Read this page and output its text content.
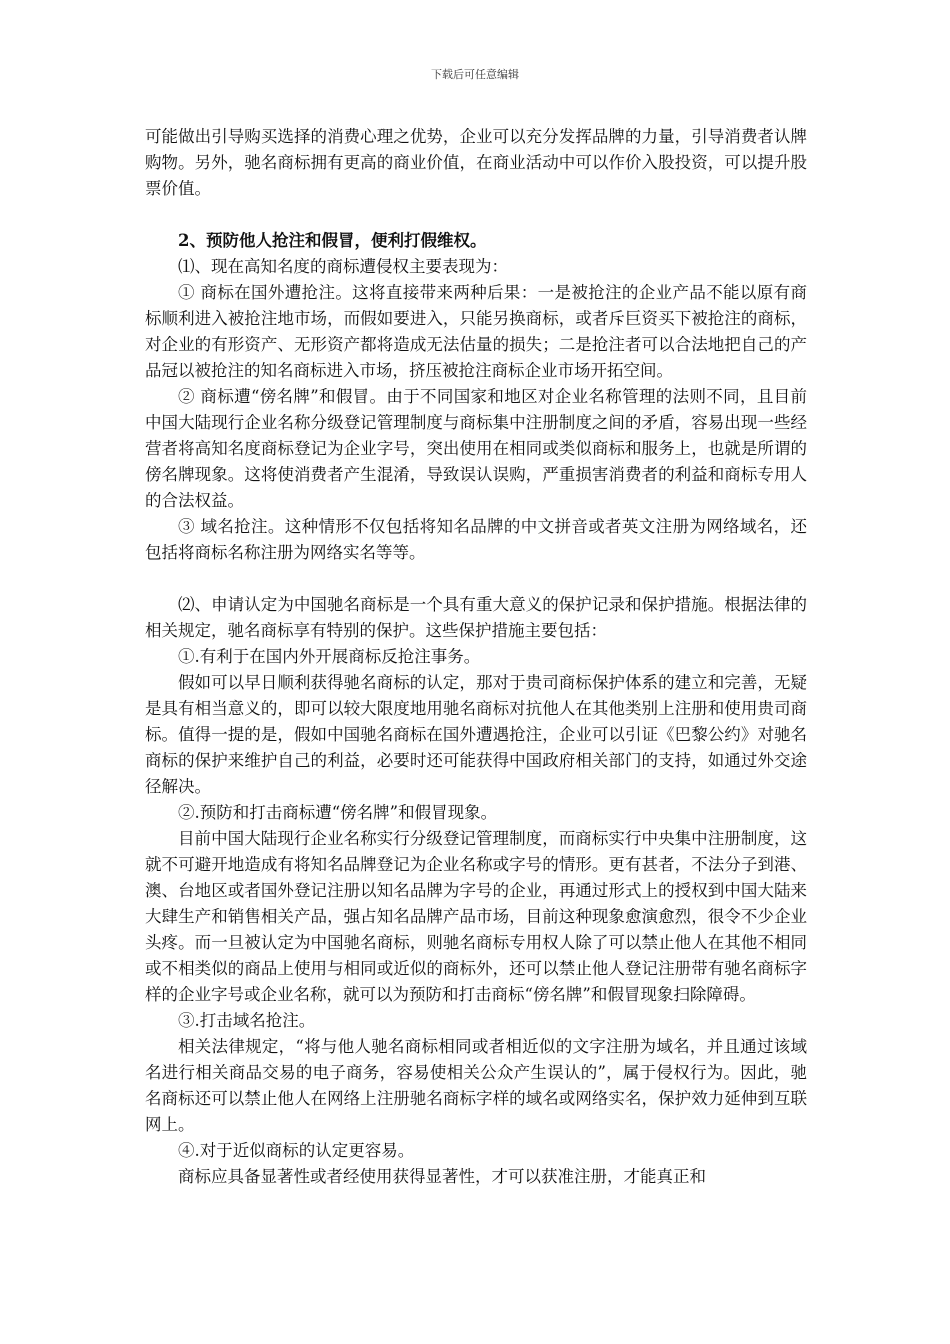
下载后可任意编辑

可能做出引导购买选择的消费心理之优势，企业可以充分发挥品牌的力量，引导消费者认牌购物。另外，驰名商标拥有更高的商业价值，在商业活动中可以作价入股投资，可以提升股票价值。

2、预防他人抢注和假冒，便利打假维权。

⑴、现在高知名度的商标遭侵权主要表现为：

① 商标在国外遭抢注。这将直接带来两种后果：一是被抢注的企业产品不能以原有商标顺利进入被抢注地市场，而假如要进入，只能另换商标，或者斥巨资买下被抢注的商标，对企业的有形资产、无形资产都将造成无法估量的损失；二是抢注者可以合法地把自己的产品冠以被抢注的知名商标进入市场，挤压被抢注商标企业市场开拓空间。

② 商标遭“傍名牌”和假冒。由于不同国家和地区对企业名称管理的法则不同，且目前中国大陆现行企业名称分级登记管理制度与商标集中注册制度之间的矛盾，容易出现一些经营者将高知名度商标登记为企业字号，突出使用在相同或类似商标和服务上，也就是所谓的傍名牌现象。这将使消费者产生混淆，导致误认误购，严重损害消费者的利益和商标专用人的合法权益。

③ 域名抢注。这种情形不仅包括将知名品牌的中文拼音或者英文注册为网络域名，还包括将商标名称注册为网络实名等等。

⑵、申请认定为中国驰名商标是一个具有重大意义的保护记录和保护措施。根据法律的相关规定，驰名商标享有特别的保护。这些保护措施主要包括：

①.有利于在国内外开展商标反抢注事务。

假如可以早日顺利获得驰名商标的认定，那对于贵司商标保护体系的建立和完善，无疑是具有相当意义的，即可以较大限度地用驰名商标对抗他人在其他类别上注册和使用贵司商标。值得一提的是，假如中国驰名商标在国外遭遇抢注，企业可以引证《巴黎公约》对驰名商标的保护来维护自己的利益，必要时还可能获得中国政府相关部门的支持，如通过外交途径解决。

②.预防和打击商标遭“傍名牌”和假冒现象。

目前中国大陆现行企业名称实行分级登记管理制度，而商标实行中央集中注册制度，这就不可避开地造成有将知名品牌登记为企业名称或字号的情形。更有甚者，不法分子到港、澳、台地区或者国外登记注册以知名品牌为字号的企业，再通过形式上的授权到中国大陆来大肆生产和销售相关产品，强占知名品牌产品市场，目前这种现象愈演愈烈，很令不少企业头疼。而一旦被认定为中国驰名商标，则驰名商标专用权人除了可以禁止他人在其他不相同或不相类似的商品上使用与相同或近似的商标外，还可以禁止他人登记注册带有驰名商标字样的企业字号或企业名称，就可以为预防和打击商标“傍名牌”和假冒现象扫除障碍。

③.打击域名抢注。

相关法律规定，“将与他人驰名商标相同或者相近似的文字注册为域名，并且通过该域名进行相关商品交易的电子商务，容易使相关公众产生误认的”，属于侵权行为。因此，驰名商标还可以禁止他人在网络上注册驰名商标字样的域名或网络实名，保护效力延伸到互联网上。

④.对于近似商标的认定更容易。

商标应具备显著性或者经使用获得显著性，才可以获准注册，才能真正和
